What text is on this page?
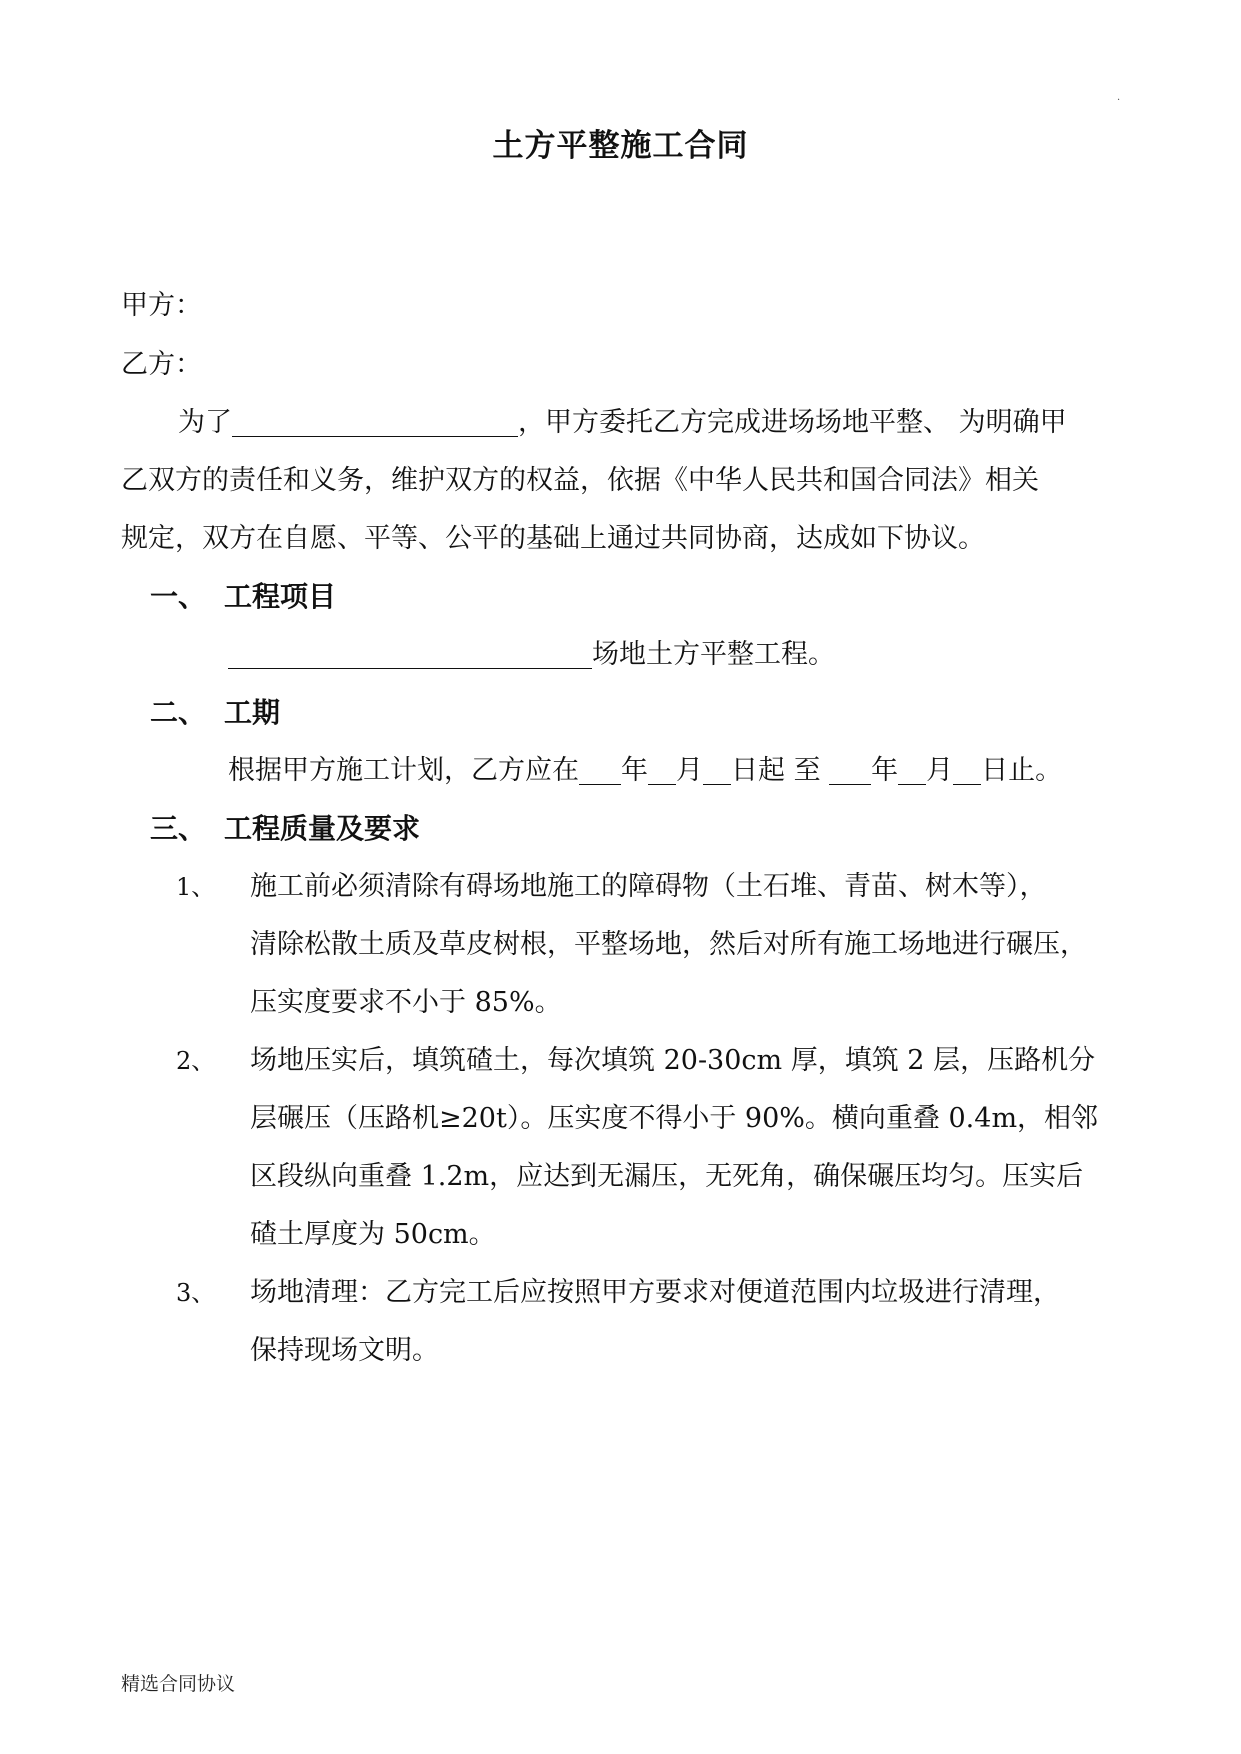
·
土方平整施工合同
甲方：
乙方：
为了	，甲方委托乙方完成进场场地平整、 为明确甲
乙双方的责任和义务，维护双方的权益，依据《中华人民共和国合同法》相关
规定，双方在自愿、平等、公平的基础上通过共同协商，达成如下协议。
一、 工程项目
场地土方平整工程。
二、 工期
根据甲方施工计划，乙方应在 年 月 日起 至 年 月 日止。
三、 工程质量及要求
1、 施工前必须清除有碍场地施工的障碍物（土石堆、青苗、树木等），
清除松散土质及草皮树根，平整场地，然后对所有施工场地进行碾压，
压实度要求不小于 85%。
2、 场地压实后，填筑碴土，每次填筑 20-30cm 厚，填筑 2 层，压路机分
层碾压（压路机≥20t）。压实度不得小于 90%。横向重叠 0.4m，相邻
区段纵向重叠 1.2m，应达到无漏压，无死角，确保碾压均匀。压实后
碴土厚度为 50cm。
3、 场地清理：乙方完工后应按照甲方要求对便道范围内垃圾进行清理，
保持现场文明。
精选合同协议
